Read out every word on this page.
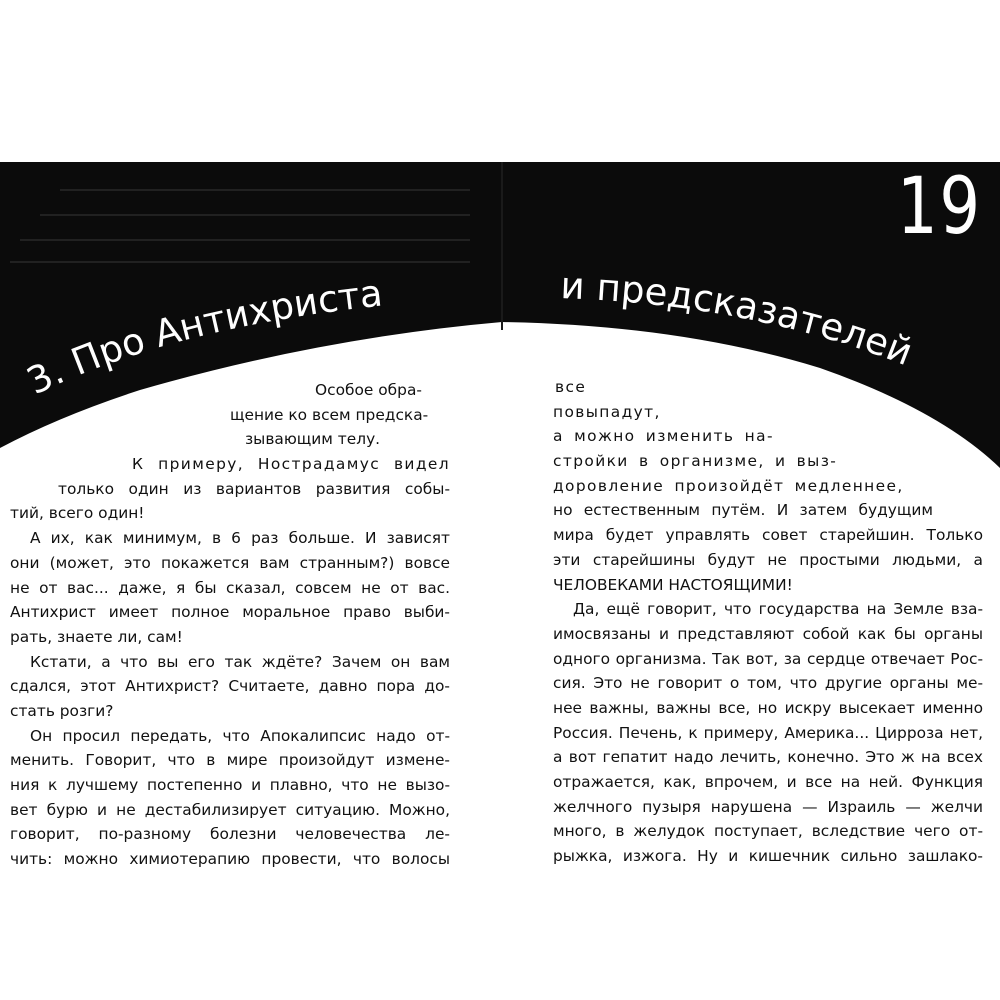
3. Про Антихриста	и предсказателей
19
Особое обра-
щение ко всем предска-
зывающим телу.
К примеру, Нострадамус видел
только один из вариантов развития собы-
тий, всего один!
А их, как минимум, в 6 раз больше. И зависят
они (может, это покажется вам странным?) вовсе
не от вас... даже, я бы сказал, совсем не от вас.
Антихрист имеет полное моральное право выби-
рать, знаете ли, сам!
Кстати, а что вы его так ждёте? Зачем он вам
сдался, этот Антихрист? Считаете, давно пора до-
стать розги?
Он просил передать, что Апокалипсис надо от-
менить. Говорит, что в мире произойдут измене-
ния к лучшему постепенно и плавно, что не вызо-
вет бурю и не дестабилизирует ситуацию. Можно,
говорит, по-разному болезни человечества ле-
чить: можно химиотерапию провести, что волосы
все
повыпадут,
а можно изменить на-
стройки в организме, и выз-
доровление произойдёт медленнее,
но естественным путём. И затем будущим
мира будет управлять совет старейшин. Только
эти старейшины будут не простыми людьми, а
ЧЕЛОВЕКАМИ НАСТОЯЩИМИ!
Да, ещё говорит, что государства на Земле вза-
имосвязаны и представляют собой как бы органы
одного организма. Так вот, за сердце отвечает Рос-
сия. Это не говорит о том, что другие органы ме-
нее важны, важны все, но искру высекает именно
Россия. Печень, к примеру, Америка... Цирроза нет,
а вот гепатит надо лечить, конечно. Это ж на всех
отражается, как, впрочем, и все на ней. Функция
желчного пузыря нарушена — Израиль — желчи
много, в желудок поступает, вследствие чего от-
рыжка, изжога. Ну и кишечник сильно зашлако-
